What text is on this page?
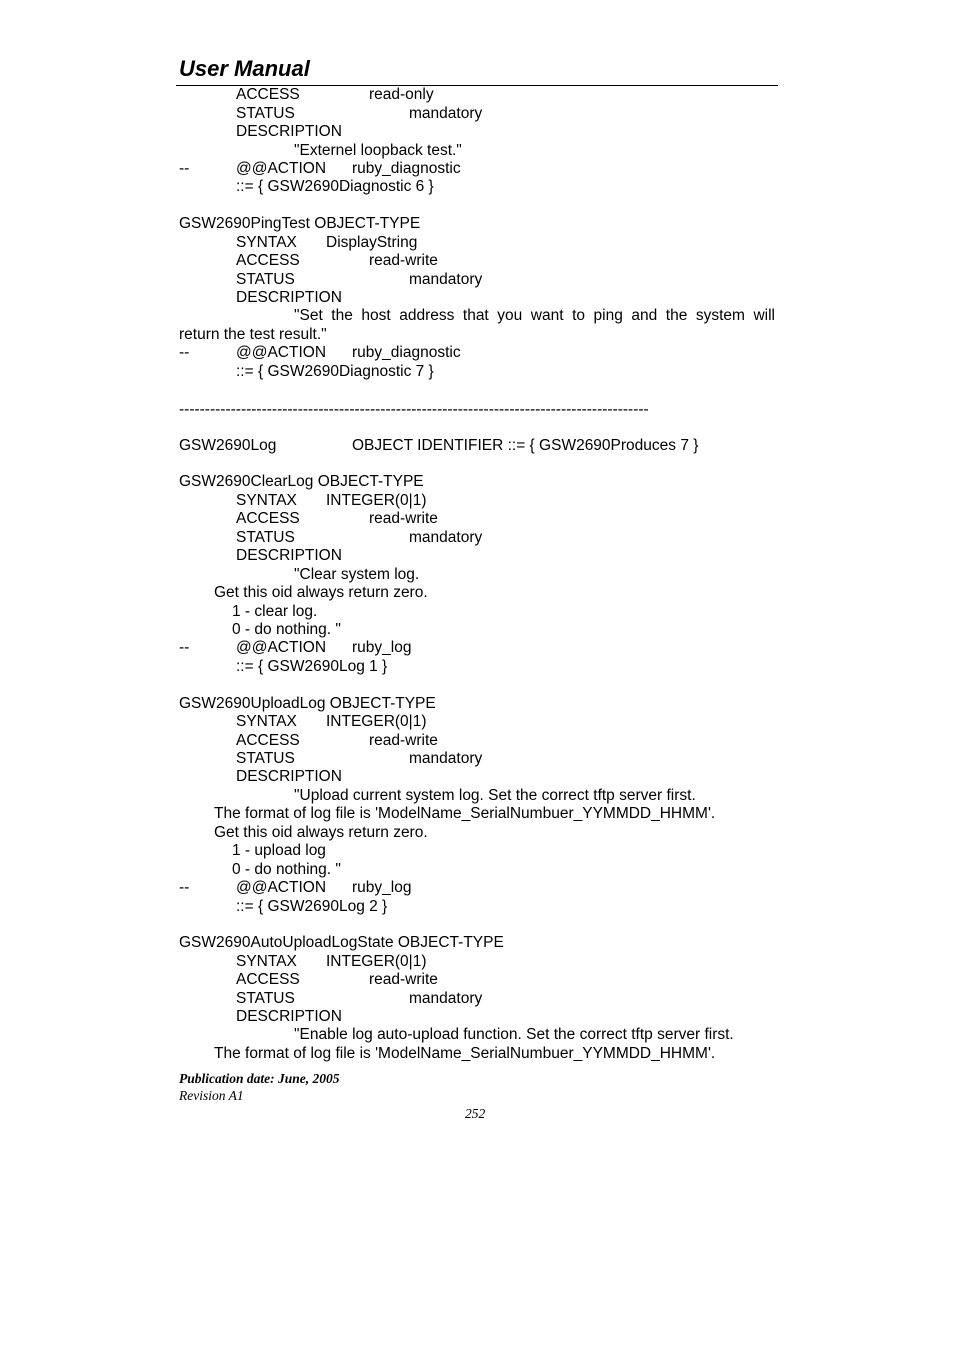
User Manual
ACCESS	read-only
STATUS	mandatory
DESCRIPTION
"Externel loopback test."
--	@@ACTION ruby_diagnostic
::= { GSW2690Diagnostic 6 }
GSW2690PingTest OBJECT-TYPE
SYNTAX DisplayString
ACCESS	read-write
STATUS	mandatory
DESCRIPTION
"Set the host address that you want to ping and the system will
return the test result."
--	@@ACTION ruby_diagnostic
::= { GSW2690Diagnostic 7 }
-------------------------------------------------------------------------------------------
GSW2690Log	OBJECT IDENTIFIER ::= { GSW2690Produces 7 }
GSW2690ClearLog OBJECT-TYPE
SYNTAX INTEGER(0|1)
ACCESS	read-write
STATUS	mandatory
DESCRIPTION
"Clear system log.
Get this oid always return zero.
1 - clear log.
0 - do nothing. "
--	@@ACTION ruby_log
::= { GSW2690Log 1 }
GSW2690UploadLog OBJECT-TYPE
SYNTAX INTEGER(0|1)
ACCESS	read-write
STATUS	mandatory
DESCRIPTION
"Upload current system log. Set the correct tftp server first.
The format of log file is 'ModelName_SerialNumbuer_YYMMDD_HHMM'.
Get this oid always return zero.
1 - upload log
0 - do nothing. "
--	@@ACTION ruby_log
::= { GSW2690Log 2 }
GSW2690AutoUploadLogState OBJECT-TYPE
SYNTAX INTEGER(0|1)
ACCESS	read-write
STATUS	mandatory
DESCRIPTION
"Enable log auto-upload function. Set the correct tftp server first.
The format of log file is 'ModelName_SerialNumbuer_YYMMDD_HHMM'.
Publication date: June, 2005
Revision A1
252
